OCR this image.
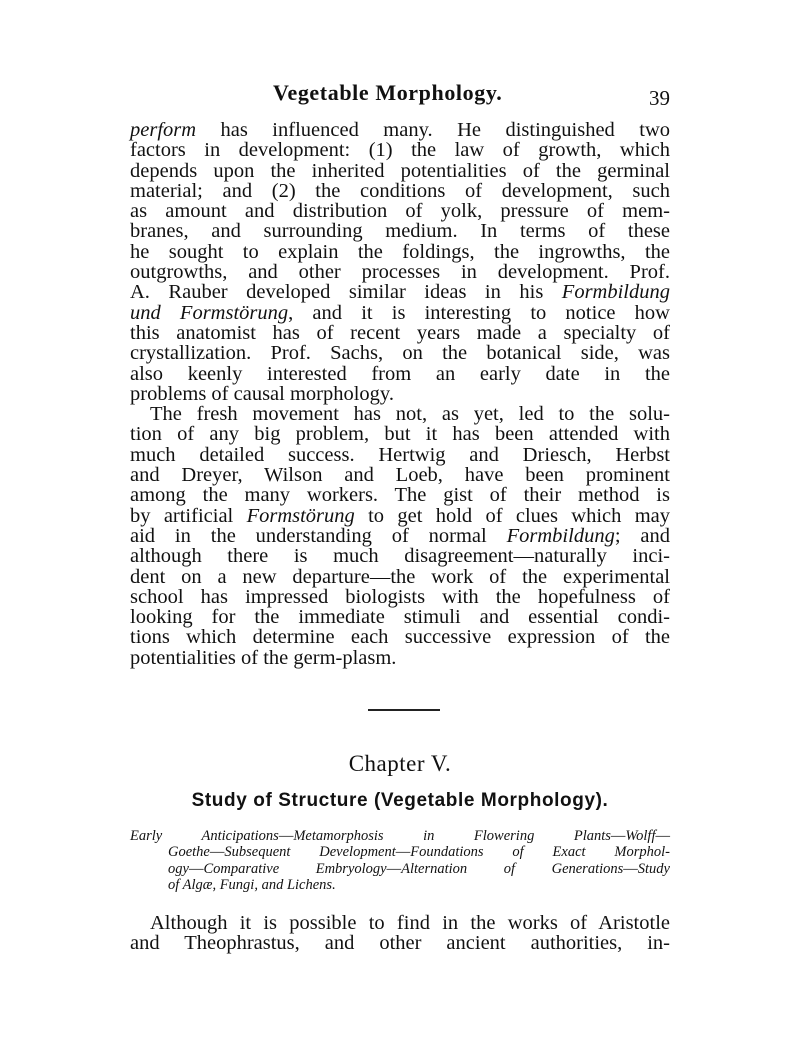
Vegetable Morphology.	39

perform has influenced many. He distinguished two
factors in development: (1) the law of growth, which
depends upon the inherited potentialities of the germinal
material; and (2) the conditions of development, such
as amount and distribution of yolk, pressure of mem-
branes, and surrounding medium. In terms of these
he sought to explain the foldings, the ingrowths, the
outgrowths, and other processes in development. Prof.
A. Rauber developed similar ideas in his Formbildung
und Formstörung, and it is interesting to notice how
this anatomist has of recent years made a specialty of
crystallization. Prof. Sachs, on the botanical side, was
also keenly interested from an early date in the
problems of causal morphology.

The fresh movement has not, as yet, led to the solu-
tion of any big problem, but it has been attended with
much detailed success. Hertwig and Driesch, Herbst
and Dreyer, Wilson and Loeb, have been prominent
among the many workers. The gist of their method is
by artificial Formstörung to get hold of clues which may
aid in the understanding of normal Formbildung; and
although there is much disagreement—naturally inci-
dent on a new departure—the work of the experimental
school has impressed biologists with the hopefulness of
looking for the immediate stimuli and essential condi-
tions which determine each successive expression of the
potentialities of the germ-plasm.

Chapter V.
Study of Structure (Vegetable Morphology).
Early Anticipations—Metamorphosis in Flowering Plants—Wolff—
Goethe—Subsequent Development—Foundations of Exact Morphol-
ogy—Comparative Embryology—Alternation of Generations—Study
of Algæ, Fungi, and Lichens.

Although it is possible to find in the works of Aristotle
and Theophrastus, and other ancient authorities, in-
